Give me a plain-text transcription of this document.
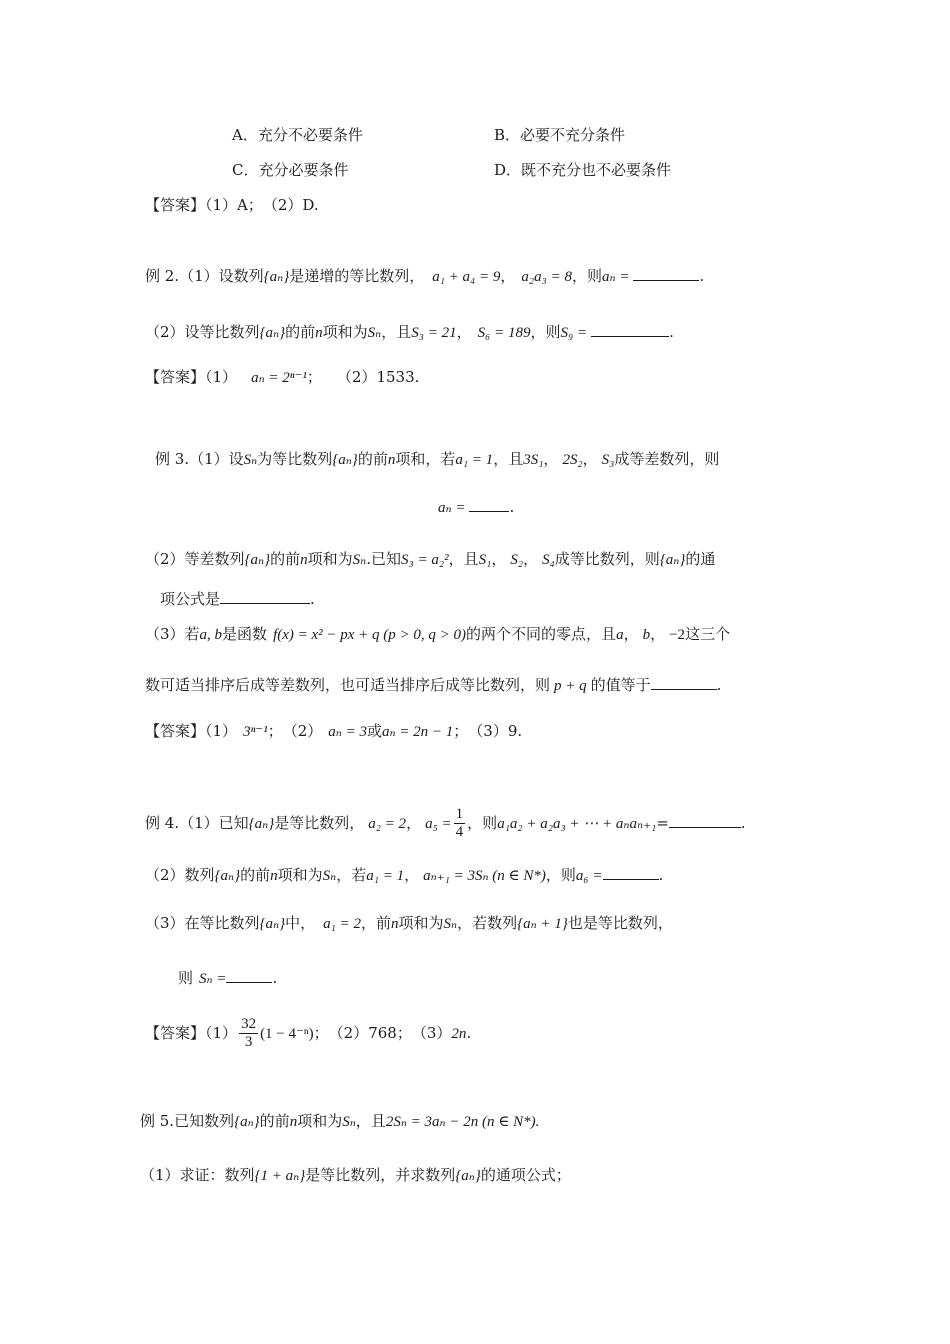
A．充分不必要条件	B．必要不充分条件
C．充分必要条件	D．既不充分也不必要条件
【答案】（1）A；　（2）D.
例 2.（1）设数列{aₙ}是递增的等比数列， a₁ + a₄ = 9， a₂a₃ = 8，则aₙ =	.
（2）设等比数列{aₙ}的前n项和为Sₙ，且S₃ = 21， S₆ = 189，则S₉ =	.
【答案】（1） aₙ = 2ⁿ⁻¹；　　（2）1533.
例 3.（1）设Sₙ为等比数列{aₙ}的前n项和，若a₁ = 1，且3S₁， 2S₂， S₃成等差数列，则
aₙ =	.
（2）等差数列{aₙ}的前n项和为Sₙ.已知S₃ = a₂²，且S₁， S₂， S₄成等比数列，则{aₙ}的通
项公式是	.
（3）若a, b是函数 f(x) = x² − px + q (p > 0, q > 0)的两个不同的零点，且a， b， −2这三个
数可适当排序后成等差数列，也可适当排序后成等比数列，则 p + q 的值等于	.
【答案】（1） 3ⁿ⁻¹；　（2） aₙ = 3或aₙ = 2n − 1；　（3）9.
例 4.（1）已知{aₙ}是等比数列， a₂ = 2， $a_5 = \frac{1}{4}$ ，则a₁a₂ + a₂a₃ + ⋯ + aₙaₙ₊₁=	.
（2）数列{aₙ}的前n项和为Sₙ，若a₁ = 1， aₙ₊₁ = 3Sₙ (n ∈ N*)，则a₆ =	.
（3）在等比数列{aₙ}中， a₁ = 2，前n项和为Sₙ，若数列{aₙ + 1}也是等比数列，
则 Sₙ =	.
【答案】$(1) \frac{32}{3} (1 - 4^{-n})$；　（2）768；　（3）2n.
例 5.已知数列{aₙ}的前n项和为Sₙ，且2Sₙ = 3aₙ − 2n (n ∈ N*).
（1）求证：数列{1 + aₙ}是等比数列，并求数列{aₙ}的通项公式；
